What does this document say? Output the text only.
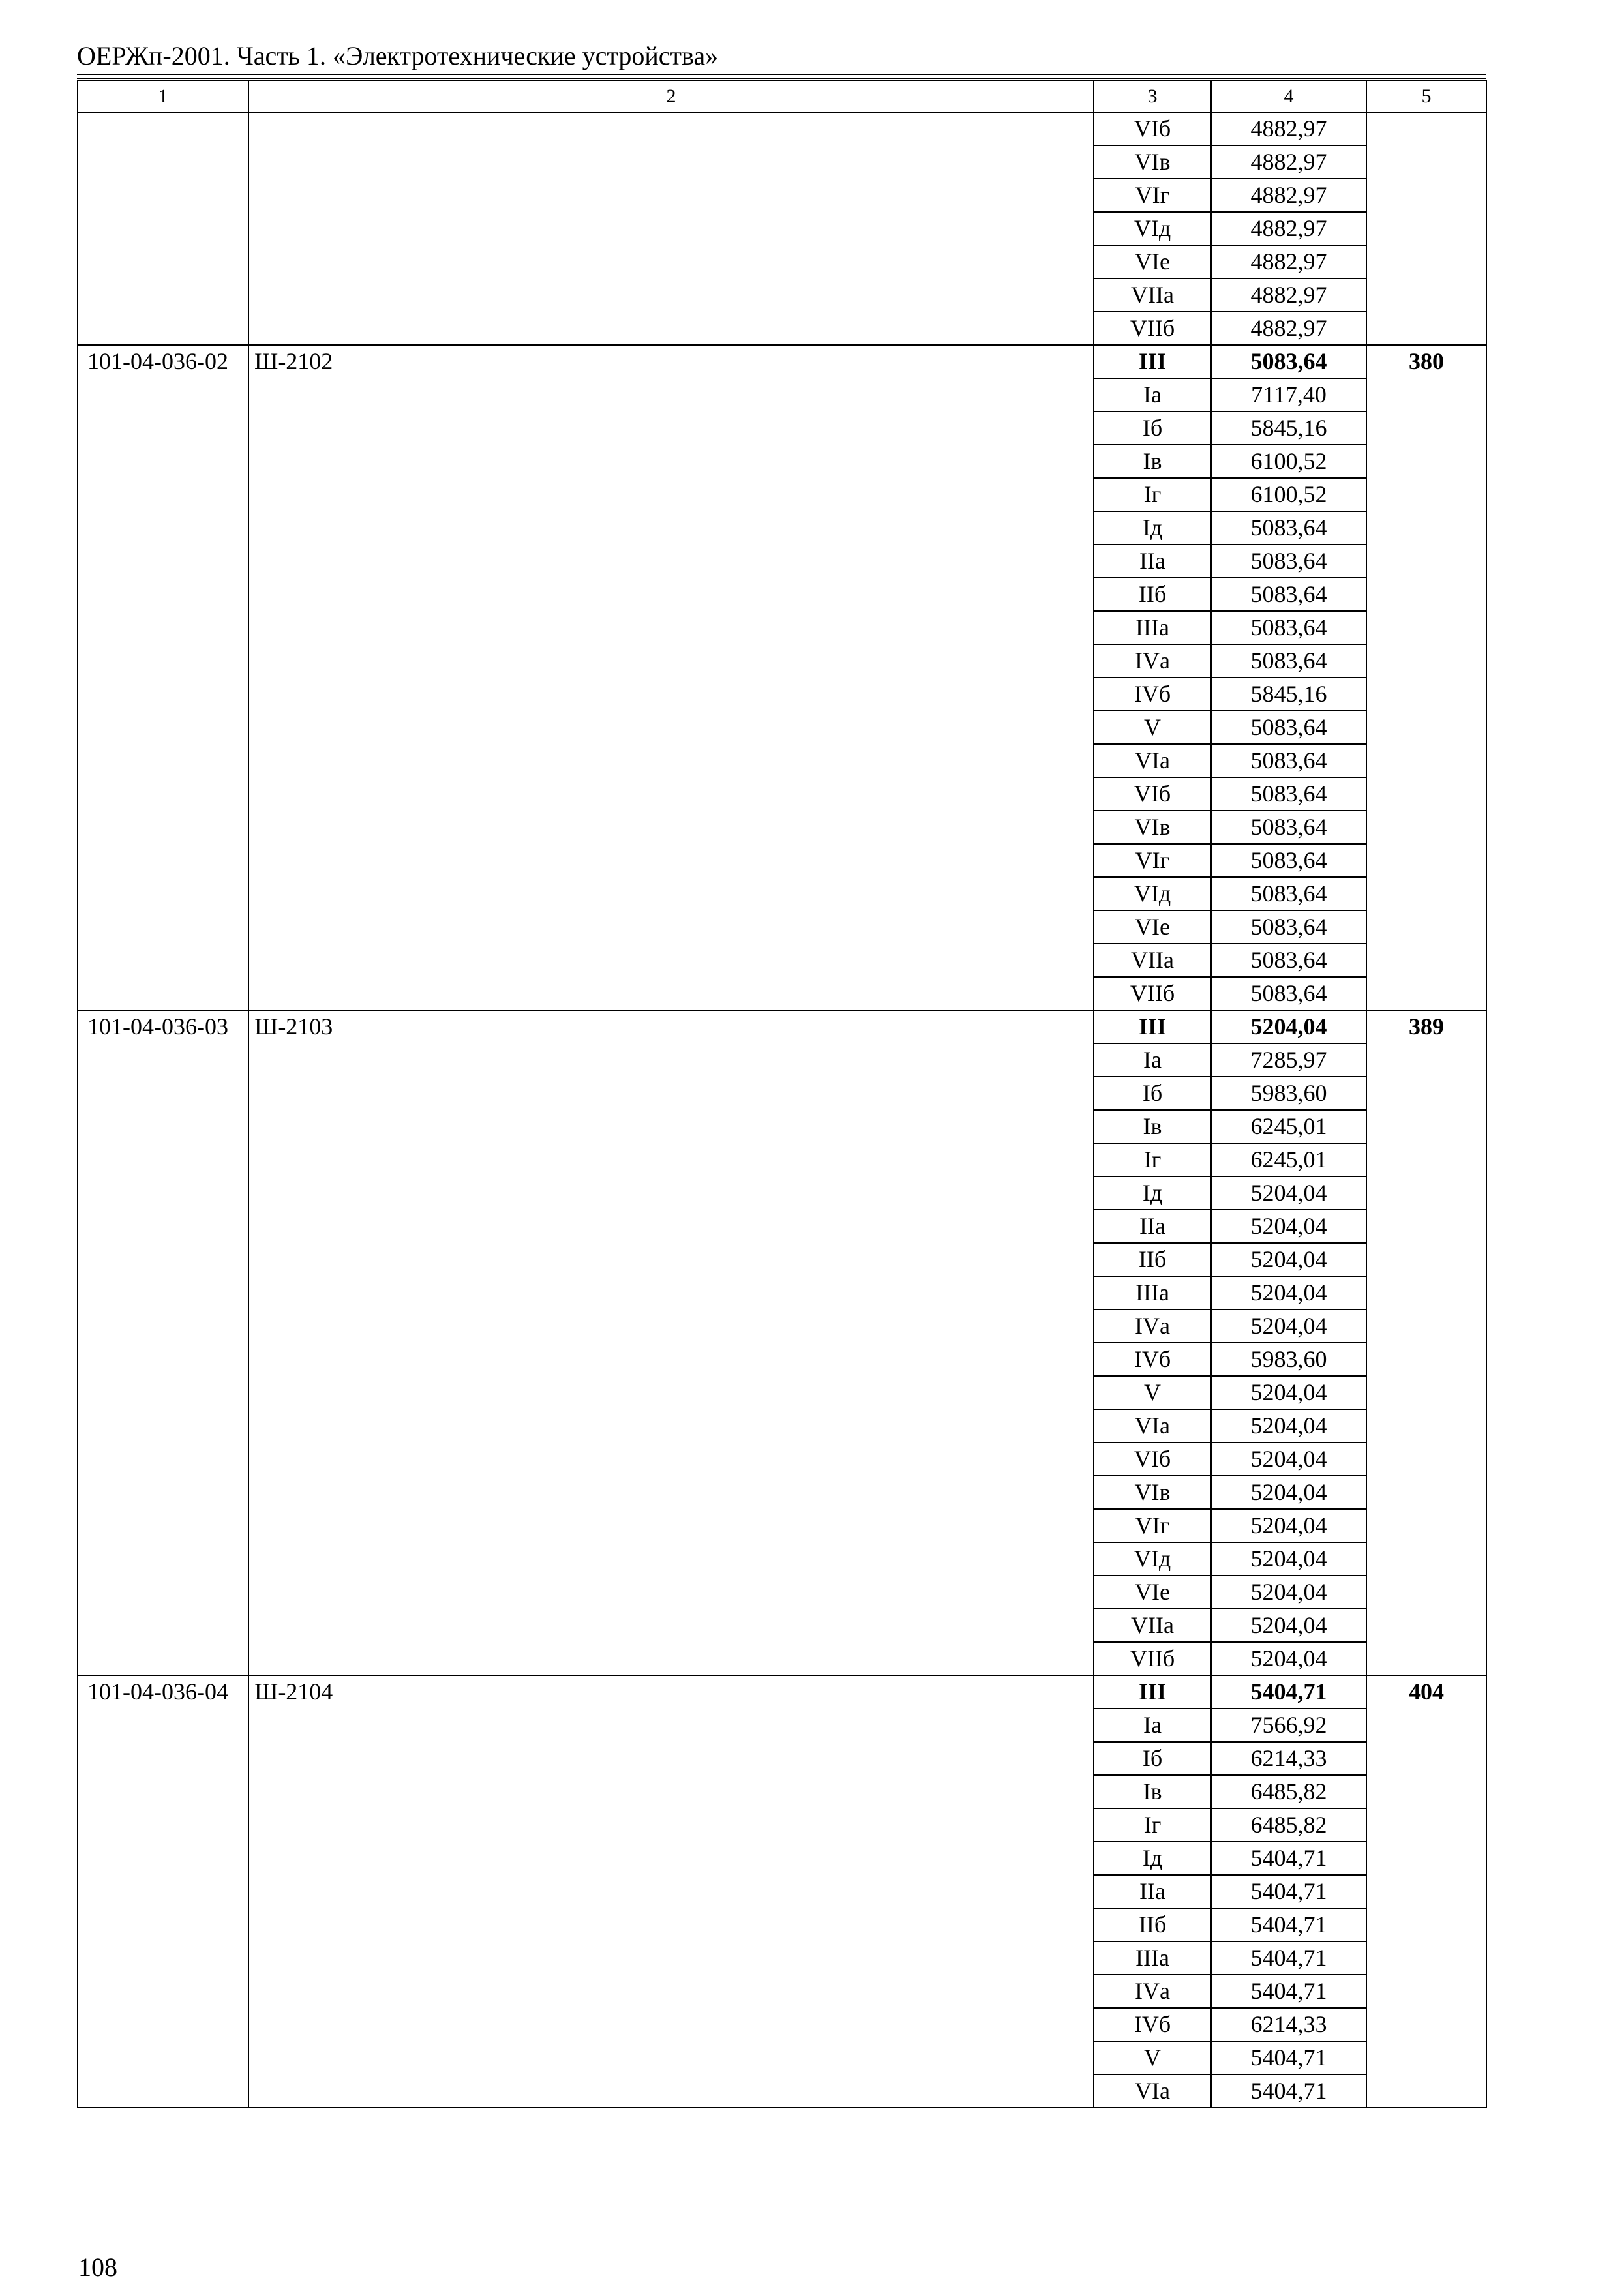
ОЕРЖп-2001. Часть 1. «Электротехнические устройства»
1	2	3	4	5
		VIб	4882,97	
		VIв	4882,97	
		VIг	4882,97	
		VIд	4882,97	
		VIе	4882,97	
		VIIа	4882,97	
		VIIб	4882,97	
101-04-036-02	Ш-2102	III	5083,64	380
		Iа	7117,40	
		Iб	5845,16	
		Iв	6100,52	
		Iг	6100,52	
		Iд	5083,64	
		IIа	5083,64	
		IIб	5083,64	
		IIIа	5083,64	
		IVа	5083,64	
		IVб	5845,16	
		V	5083,64	
		VIа	5083,64	
		VIб	5083,64	
		VIв	5083,64	
		VIг	5083,64	
		VIд	5083,64	
		VIе	5083,64	
		VIIа	5083,64	
		VIIб	5083,64	
101-04-036-03	Ш-2103	III	5204,04	389
		Iа	7285,97	
		Iб	5983,60	
		Iв	6245,01	
		Iг	6245,01	
		Iд	5204,04	
		IIа	5204,04	
		IIб	5204,04	
		IIIа	5204,04	
		IVа	5204,04	
		IVб	5983,60	
		V	5204,04	
		VIа	5204,04	
		VIб	5204,04	
		VIв	5204,04	
		VIг	5204,04	
		VIд	5204,04	
		VIе	5204,04	
		VIIа	5204,04	
		VIIб	5204,04	
101-04-036-04	Ш-2104	III	5404,71	404
		Iа	7566,92	
		Iб	6214,33	
		Iв	6485,82	
		Iг	6485,82	
		Iд	5404,71	
		IIа	5404,71	
		IIб	5404,71	
		IIIа	5404,71	
		IVа	5404,71	
		IVб	6214,33	
		V	5404,71	
		VIа	5404,71	
108
